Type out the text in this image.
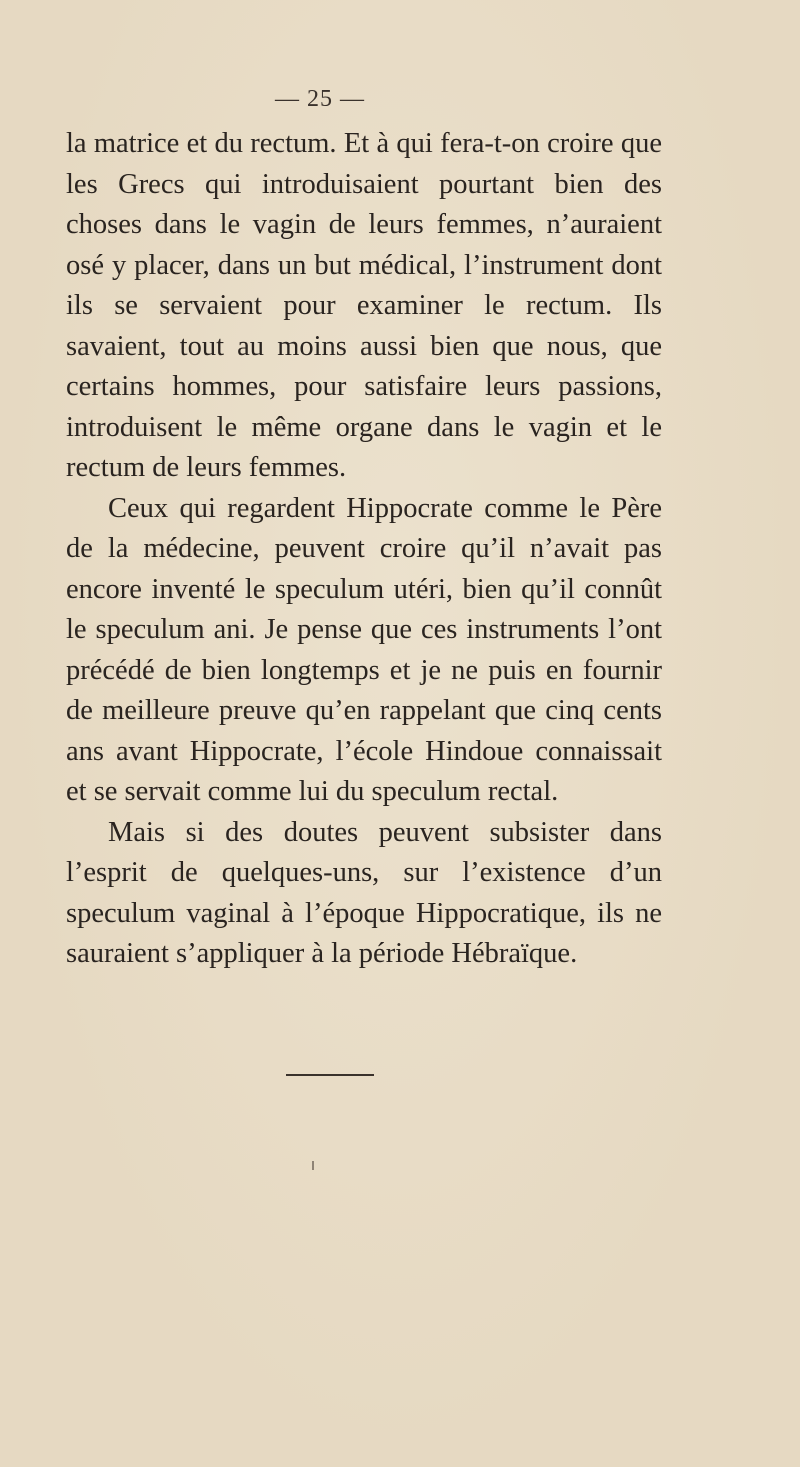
— 25 —

la matrice et du rectum. Et à qui fera-t-on croire que les Grecs qui introduisaient pourtant bien des choses dans le vagin de leurs femmes, n’auraient osé y placer, dans un but médical, l’instrument dont ils se servaient pour examiner le rectum. Ils savaient, tout au moins aussi bien que nous, que certains hommes, pour satisfaire leurs passions, introduisent le même organe dans le vagin et le rectum de leurs femmes.

Ceux qui regardent Hippocrate comme le Père de la médecine, peuvent croire qu’il n’avait pas encore inventé le speculum utéri, bien qu’il connût le speculum ani. Je pense que ces instruments l’ont précédé de bien longtemps et je ne puis en fournir de meilleure preuve qu’en rappelant que cinq cents ans avant Hippocrate, l’école Hindoue connaissait et se servait comme lui du speculum rectal.

Mais si des doutes peuvent subsister dans l’esprit de quelques-uns, sur l’existence d’un speculum vaginal à l’époque Hippocratique, ils ne sauraient s’appliquer à la période Hébraïque.
